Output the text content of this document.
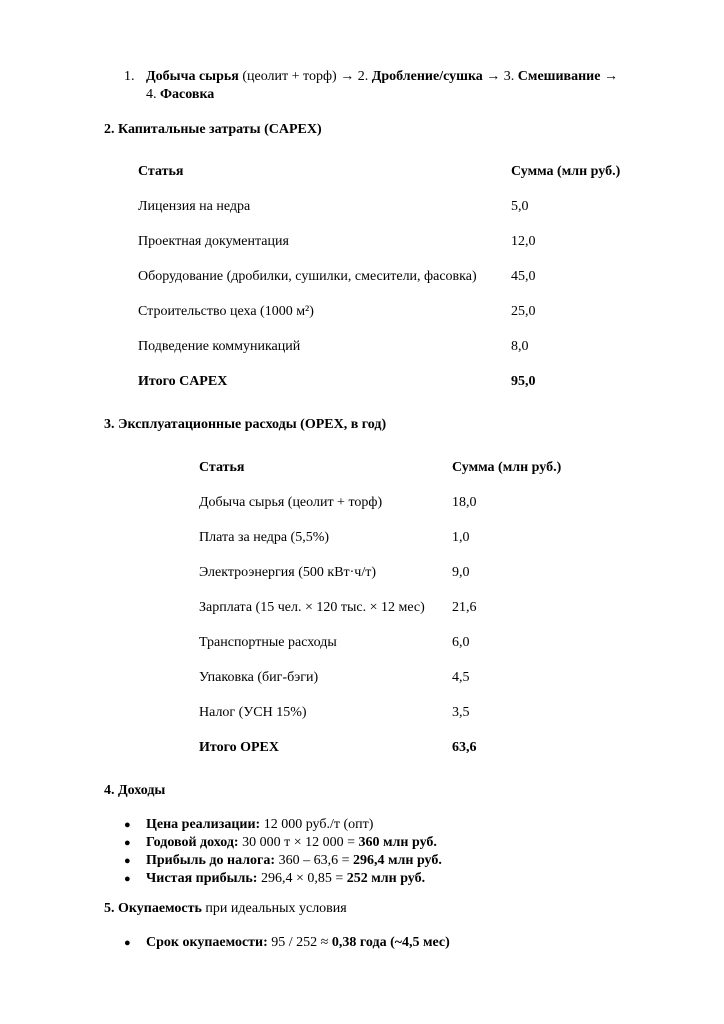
1. Добыча сырья (цеолит + торф) → 2. Дробление/сушка → 3. Смешивание →
4. Фасовка
2. Капитальные затраты (CAPEX)
Статья	Сумма (млн руб.)
Лицензия на недра	5,0
Проектная документация	12,0
Оборудование (дробилки, сушилки, смесители, фасовка) 45,0
Строительство цеха (1000 м²)	25,0
Подведение коммуникаций	8,0
Итого CAPEX	95,0
3. Эксплуатационные расходы (OPEX, в год)
Статья	Сумма (млн руб.)
Добыча сырья (цеолит + торф)	18,0
Плата за недра (5,5%)	1,0
Электроэнергия (500 кВт·ч/т)	9,0
Зарплата (15 чел. × 120 тыс. × 12 мес) 21,6
Транспортные расходы	6,0
Упаковка (биг-бэги)	4,5
Налог (УСН 15%)	3,5
Итого OPEX	63,6
4. Доходы
● Цена реализации: 12 000 руб./т (опт)
● Годовой доход: 30 000 т × 12 000 = 360 млн руб.
● Прибыль до налога: 360 – 63,6 = 296,4 млн руб.
● Чистая прибыль: 296,4 × 0,85 = 252 млн руб.
5. Окупаемость при идеальных условия
● Срок окупаемости: 95 / 252 ≈ 0,38 года (~4,5 мес)
